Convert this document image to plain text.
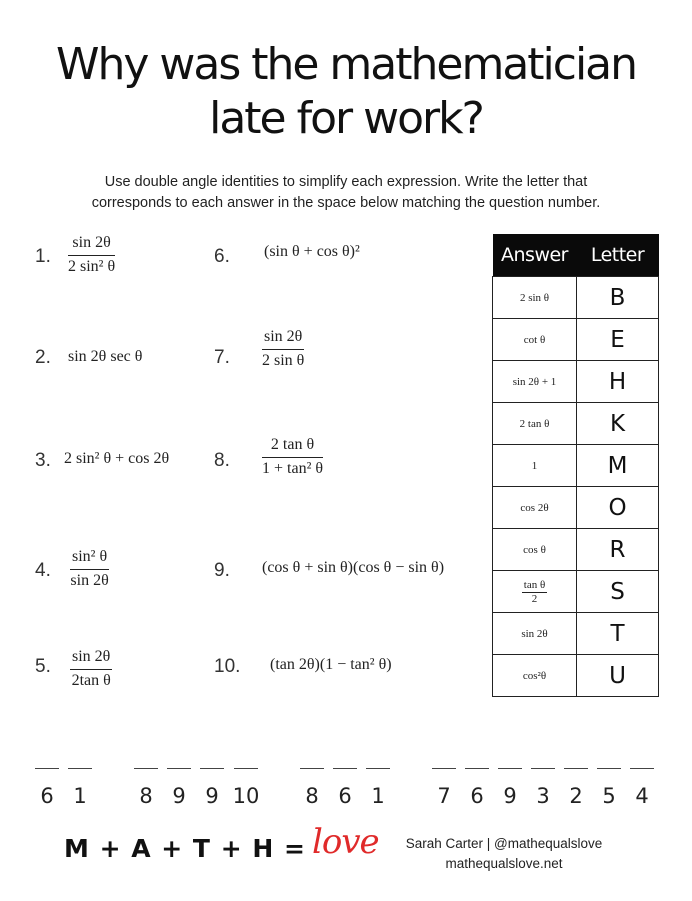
Why was the mathematician
late for work?
Use double angle identities to simplify each expression. Write the letter that
corresponds to each answer in the space below matching the question number.
1. $\frac{\sin 2\theta}{\text{2 sin² θ}}$
2. sin 2θ sec θ
3. 2 sin² θ + cos 2θ
4. $\frac{\text{sin² θ}}{\sin 2\theta}$
5. $\frac{\sin 2\theta}{\text{2tan θ}}$
6. (sin θ + cos θ)²
7. $\frac{\sin 2\theta}{\text{2 sin θ}}$
8. $\frac{\text{2 tan θ}}{\text{1 + tan² θ}}$
9. (cos θ + sin θ)(cos θ − sin θ)
10. (tan 2θ)(1 − tan² θ)
Answer	Letter
2 sin θ	B
cot θ	E
sin 2θ + 1	H
2 tan θ	K
1	M
cos 2θ	O
cos θ	R

$\frac{\text{tan θ}}{2}$	S
sin 2θ	T
cos²θ	U
6 1	8 9 9 10	8 6 1	7 6 9 3 2 5 4
M + A + T + H = love	Sarah Carter | @mathequalslove
mathequalslove.net
